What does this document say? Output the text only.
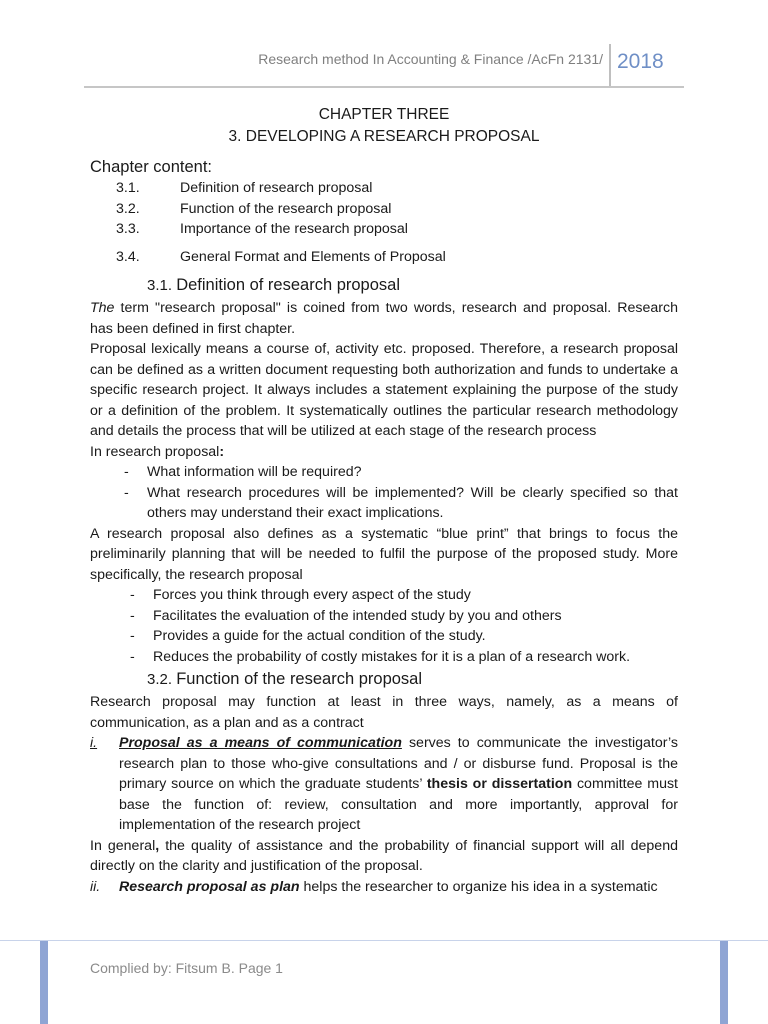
Research method In Accounting & Finance /AcFn 2131/ 2018
CHAPTER THREE
3. DEVELOPING A RESEARCH PROPOSAL
Chapter content:
3.1.	Definition of research proposal
3.2.	Function of the research proposal
3.3.	Importance of the research proposal
3.4.	General Format and Elements of Proposal
3.1. Definition of research proposal

The term "research proposal" is coined from two words, research and proposal. Research has been defined in first chapter.

Proposal lexically means a course of, activity etc. proposed. Therefore, a research proposal can be defined as a written document requesting both authorization and funds to undertake a specific research project. It always includes a statement explaining the purpose of the study or a definition of the problem. It systematically outlines the particular research methodology and details the process that will be utilized at each stage of the research process

In research proposal:

- What information will be required?
- What research procedures will be implemented? Will be clearly specified so that others may understand their exact implications.

A research proposal also defines as a systematic “blue print” that brings to focus the preliminarily planning that will be needed to fulfil the purpose of the proposed study. More specifically, the research proposal

- Forces you think through every aspect of the study
- Facilitates the evaluation of the intended study by you and others
- Provides a guide for the actual condition of the study.
- Reduces the probability of costly mistakes for it is a plan of a research work.
3.2. Function of the research proposal

Research proposal may function at least in three ways, namely, as a means of communication, as a plan and as a contract

i. Proposal as a means of communication serves to communicate the investigator’s research plan to those who-give consultations and / or disburse fund. Proposal is the primary source on which the graduate students’ thesis or dissertation committee must base the function of: review, consultation and more importantly, approval for implementation of the research project

In general, the quality of assistance and the probability of financial support will all depend directly on the clarity and justification of the proposal.

ii. Research proposal as plan helps the researcher to organize his idea in a systematic
Complied by: Fitsum B. Page 1
